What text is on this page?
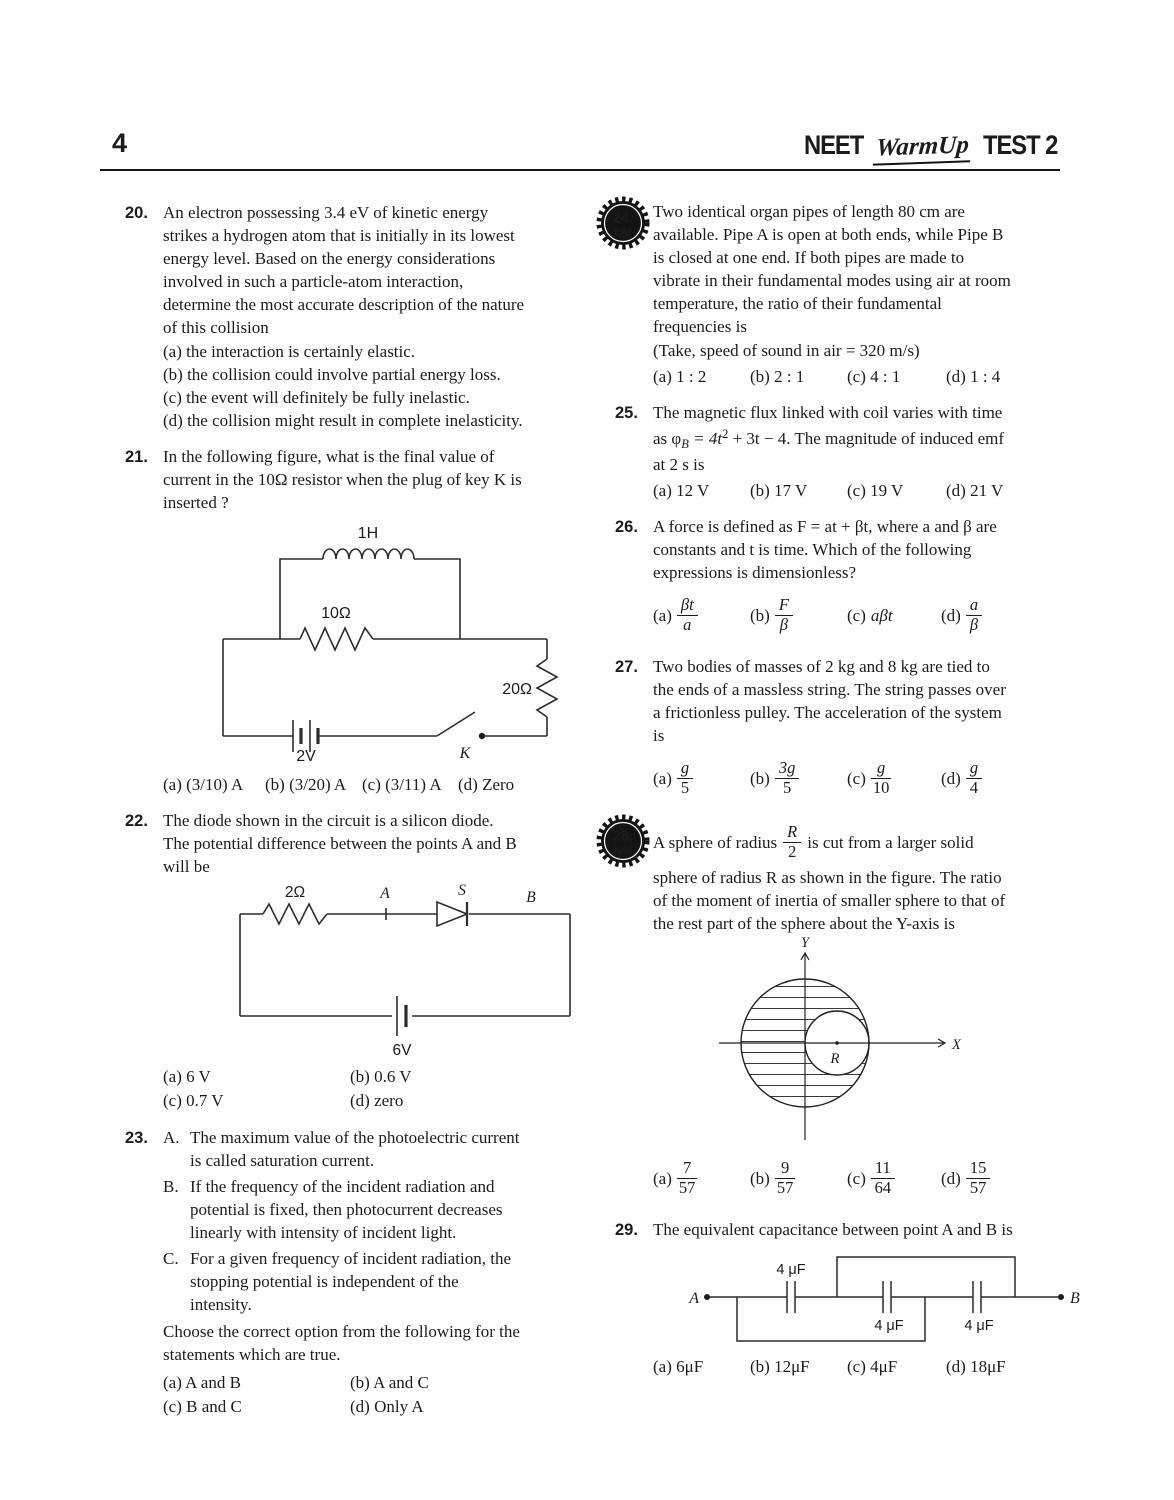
4	NEET WarmUp TEST 2
20. An electron possessing 3.4 eV of kinetic energy
strikes a hydrogen atom that is initially in its lowest
energy level. Based on the energy considerations
involved in such a particle-atom interaction,
determine the most accurate description of the nature
of this collision
(a) the interaction is certainly elastic.
(b) the collision could involve partial energy loss.
(c) the event will definitely be fully inelastic.
(d) the collision might result in complete inelasticity.
21. In the following figure, what is the final value of
current in the 10Ω resistor when the plug of key K is
inserted ?
1H
10Ω
20Ω
2V	K
(a) (3/10) A	(b) (3/20) A (c) (3/11) A (d) Zero
22. The diode shown in the circuit is a silicon diode.
The potential difference between the points A and B
will be
2Ω	A	S	B
6V
(a) 6 V	(b) 0.6 V
(c) 0.7 V	(d) zero
23. A. The maximum value of the photoelectric current
is called saturation current.
B. If the frequency of the incident radiation and
potential is fixed, then photocurrent decreases
linearly with intensity of incident light.
C. For a given frequency of incident radiation, the
stopping potential is independent of the
intensity.
Choose the correct option from the following for the
statements which are true.
(a) A and B	(b) A and C
(c) B and C	(d) Only A
24.
NM
Two identical organ pipes of length 80 cm are
available. Pipe A is open at both ends, while Pipe B
is closed at one end. If both pipes are made to
vibrate in their fundamental modes using air at room
temperature, the ratio of their fundamental
frequencies is
(Take, speed of sound in air = 320 m/s)
(a) 1 : 2	(b) 2 : 1	(c) 4 : 1	(d) 1 : 4
25. The magnetic flux linked with coil varies with time
as $\varphi_B = 4t^2 + 3t - 4$. The magnitude of induced emf
at 2 s is
(a) 12 V	(b) 17 V	(c) 19 V	(d) 21 V
26. A force is defined as F = at + βt, where a and β are
constants and t is time. Which of the following
expressions is dimensionless?
$(a) \frac{\beta t}{a}$	$(b) \frac{F}{\beta}$	(c) aβt	$(d) \frac{a}{\beta}$
27. Two bodies of masses of 2 kg and 8 kg are tied to
the ends of a massless string. The string passes over
a frictionless pulley. The acceleration of the system
is
$(a) \frac{g}{5}$	$(b) \frac{3g}{5}$	$(c) \frac{g}{10}$	$(d) \frac{g}{4}$
28.
NM
A sphere of radius $\frac{R}{2}$ is cut from a larger solid
sphere of radius R as shown in the figure. The ratio
of the moment of inertia of smaller sphere to that of
the rest part of the sphere about the Y-axis is
Y
X
R
$(a) \frac{7}{57}$	$(b) \frac{9}{57}$	$(c) \frac{11}{64}$	$(d) \frac{15}{57}$
29. The equivalent capacitance between point A and B is
A	B
4 μF
4 μF	4 μF
(a) 6μF	(b) 12μF	(c) 4μF	(d) 18μF
